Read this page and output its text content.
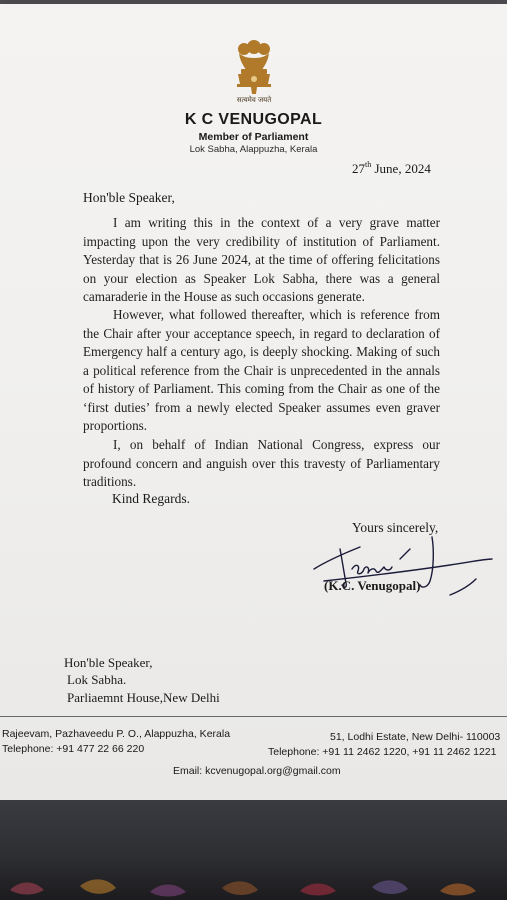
सत्यमेव जयते
K C VENUGOPAL
Member of Parliament
Lok Sabha, Alappuzha, Kerala
27th June, 2024
Hon'ble Speaker,

I am writing this in the context of a very grave matter impacting upon the very credibility of institution of Parliament. Yesterday that is 26 June 2024, at the time of offering felicitations on your election as Speaker Lok Sabha, there was a general camaraderie in the House as such occasions generate.

However, what followed thereafter, which is reference from the Chair after your acceptance speech, in regard to declaration of Emergency half a century ago, is deeply shocking. Making of such a political reference from the Chair is unprecedented in the annals of history of Parliament. This coming from the Chair as one of the ‘first duties’ from a newly elected Speaker assumes even graver proportions.

I, on behalf of Indian National Congress, express our profound concern and anguish over this travesty of Parliamentary traditions.

Kind Regards.
Yours sincerely,
(K.C. Venugopal)
Hon'ble Speaker,
Lok Sabha.
Parliaemnt House,New Delhi
Rajeevam, Pazhaveedu P. O., Alappuzha, Kerala
Telephone: +91 477 22 66 220
51, Lodhi Estate, New Delhi- 110003
Telephone: +91 11 2462 1220, +91 11 2462 1221
Email: kcvenugopal.org@gmail.com
